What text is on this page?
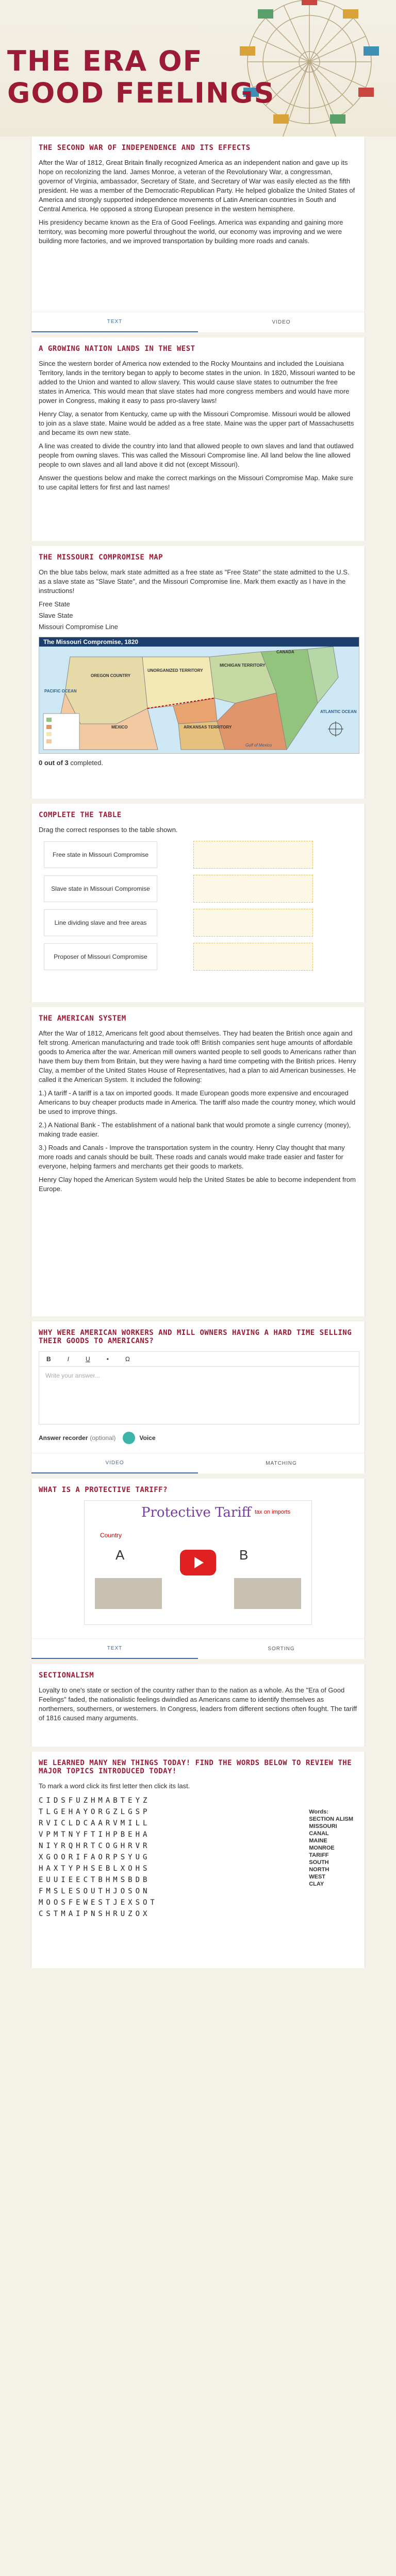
THE ERA OF GOOD FEELINGS
THE SECOND WAR OF INDEPENDENCE AND ITS EFFECTS

After the War of 1812, Great Britain finally recognized America as an independent nation and gave up its hope on recolonizing the land. James Monroe, a veteran of the Revolutionary War, a congressman, governor of Virginia, ambassador, Secretary of State, and Secretary of War was easily elected as the fifth president. He was a member of the Democratic-Republican Party. He helped globalize the United States of America and strongly supported independence movements of Latin American countries in South and Central America. He opposed a strong European presence in the western hemisphere.

His presidency became known as the Era of Good Feelings. America was expanding and gaining more territory, was becoming more powerful throughout the world, our economy was improving and we were building more factories, and we improved transportation by building more roads and canals.

TEXT	VIDEO
A GROWING NATION LANDS IN THE WEST

Since the western border of America now extended to the Rocky Mountains and included the Louisiana Territory, lands in the territory began to apply to become states in the union. In 1820, Missouri wanted to be added to the Union and wanted to allow slavery. This would cause slave states to outnumber the free states in America. This would mean that slave states had more congress members and would have more power in Congress, making it easy to pass pro-slavery laws!

Henry Clay, a senator from Kentucky, came up with the Missouri Compromise. Missouri would be allowed to join as a slave state. Maine would be added as a free state. Maine was the upper part of Massachusetts and became its own new state.

A line was created to divide the country into land that allowed people to own slaves and land that outlawed people from owning slaves. This was called the Missouri Compromise line. All land below the line allowed people to own slaves and all land above it did not (except Missouri).

Answer the questions below and make the correct markings on the Missouri Compromise Map. Make sure to use capital letters for first and last names!

THE MISSOURI COMPROMISE MAP

On the blue tabs below, mark state admitted as a free state as "Free State" the state admitted to the U.S. as a slave state as "Slave State", and the Missouri Compromise line. Mark them exactly as I have in the instructions!

Free State

Slave State

Missouri Compromise Line

The Missouri Compromise, 1820
OREGON COUNTRY
UNORGANIZED TERRITORY
MICHIGAN TERRITORY
MEXICO	ARKANSAS TERRITORY
PACIFIC OCEAN
ATLANTIC OCEAN
Gulf of Mexico
CANADA
0 out of 3 completed.
COMPLETE THE TABLE

Drag the correct responses to the table shown.

Free state in Missouri Compromise
Slave state in Missouri Compromise
Line dividing slave and free areas
Proposer of Missouri Compromise
THE AMERICAN SYSTEM

After the War of 1812, Americans felt good about themselves. They had beaten the British once again and felt strong. American manufacturing and trade took off! British companies sent huge amounts of affordable goods to America after the war. American mill owners wanted people to sell goods to Americans rather than have them buy them from Britain, but they were having a hard time competing with the British prices. Henry Clay, a member of the United States House of Representatives, had a plan to aid American businesses. He called it the American System. It included the following:

1.) A tariff - A tariff is a tax on imported goods. It made European goods more expensive and encouraged Americans to buy cheaper products made in America. The tariff also made the country money, which would be used to improve things.

2.) A National Bank - The establishment of a national bank that would promote a single currency (money), making trade easier.

3.) Roads and Canals - Improve the transportation system in the country. Henry Clay thought that many more roads and canals should be built. These roads and canals would make trade easier and faster for everyone, helping farmers and merchants get their goods to markets.

Henry Clay hoped the American System would help the United States be able to become independent from Europe.

WHY WERE AMERICAN WORKERS AND MILL OWNERS HAVING A HARD TIME SELLING THEIR GOODS TO AMERICANS?
B	I	U	•	Ω
Write your answer...
Answer recorder (optional)	Voice
VIDEO	MATCHING
WHAT IS A PROTECTIVE TARIFF?
Protective Tariff tax on imports
Country
A	B
TEXT	SORTING
SECTIONALISM

Loyalty to one's state or section of the country rather than to the nation as a whole. As the "Era of Good Feelings" faded, the nationalistic feelings dwindled as Americans came to identify themselves as northerners, southerners, or westerners. In Congress, leaders from different sections often fought. The tariff of 1816 caused many arguments.

WE LEARNED MANY NEW THINGS TODAY! FIND THE WORDS BELOW TO REVIEW THE MAJOR TOPICS INTRODUCED TODAY!

To mark a word click its first letter then click its last.

CIDSFUZHMABTEYZ
TLGEHAYORGZLGSP
RVICLDCAARVMILL
VPMTNYFTIHPBEHA
NIYRQHRTCOGHRVR
XGOORIFAORPSYUG
HAXTYPHSEBLXOHS
EUUIEECTBHMSBDB
FMSLESOUTHJOSON
MOOSFEWESTJEXSOT
CSTMAIPNSHRUZOX
Words:
SECTION ALISM
MISSOURI
CANAL
MAINE
MONROE
TARIFF
SOUTH
NORTH
WEST
CLAY
